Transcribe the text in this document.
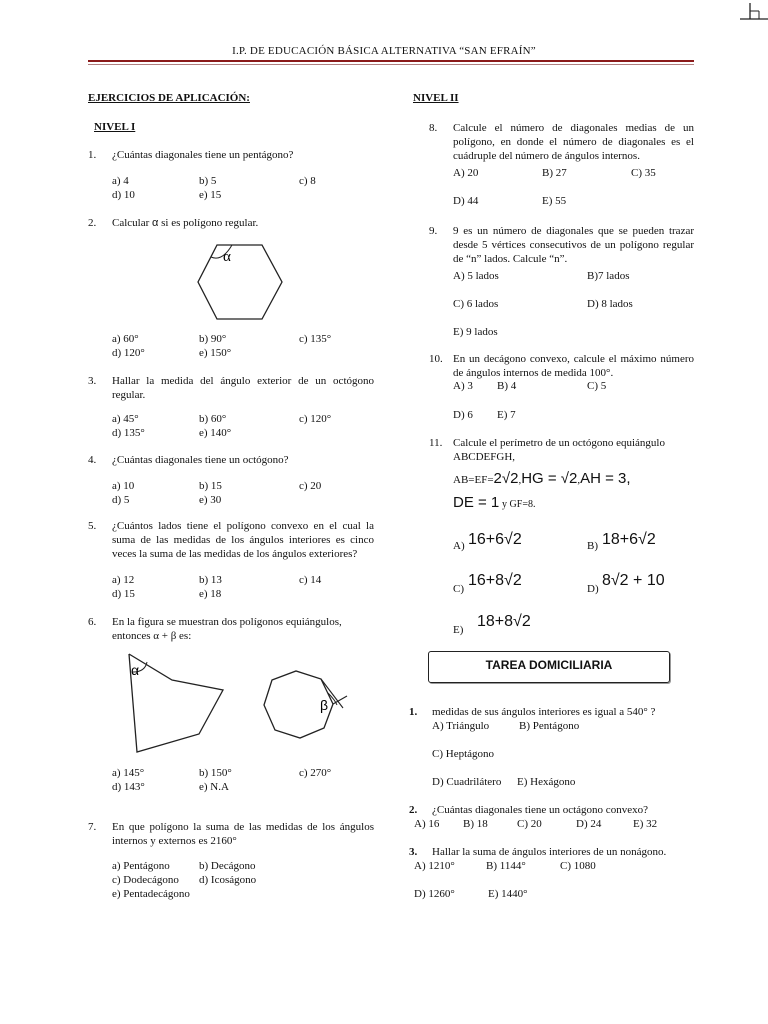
I.P. DE EDUCACIÓN BÁSICA ALTERNATIVA “SAN EFRAÍN”
EJERCICIOS DE APLICACIÓN:
NIVEL I
1. ¿Cuántas diagonales tiene un pentágono?
a) 4	b) 5	c) 8
d) 10	e) 15
2. Calcular α si es polígono regular.
α
a) 60°	b) 90°	c) 135°
d) 120°	e) 150°
3. Hallar la medida del ángulo exterior de un octógono regular.
a) 45°	b) 60°	c) 120°
d) 135°	e) 140°
4. ¿Cuántas diagonales tiene un octógono?
a) 10	b) 15	c) 20
d) 5	e) 30
5. ¿Cuántos lados tiene el polígono convexo en el cual la suma de las medidas de los ángulos interiores es cinco veces la suma de las medidas de los ángulos exteriores?
a) 12	b) 13	c) 14
d) 15	e) 18
6. En la figura se muestran dos polígonos equiángulos,
entonces α + β es:
α
β
a) 145°	b) 150°	c) 270°
d) 143°	e) N.A
7. En que polígono la suma de las medidas de los ángulos internos y externos es 2160°
a) Pentágono	b) Decágono
c) Dodecágono d) Icoságono
e) Pentadecágono
NIVEL II
8. Calcule el número de diagonales medias de un polígono, en donde el número de diagonales es el cuádruple del número de ángulos internos.
A) 20	B) 27	C) 35
D) 44	E) 55
9. 9 es un número de diagonales que se pueden trazar desde 5 vértices consecutivos de un polígono regular de “n” lados. Calcule “n”.
A) 5 lados	B)7 lados
C) 6 lados	D) 8 lados
E) 9 lados
10. En un decágono convexo, calcule el máximo número de ángulos internos de medida 100°.
A) 3 B) 4	C) 5
D) 6 E) 7
11. Calcule el perímetro de un octógono equiángulo
ABCDEFGH,
AB=EF=2√2,HG = √2,AH = 3,
DE = 1 y GF=8.
A) 16+6√2	B) 18+6√2
C) 16+8√2	D) 8√2 + 10
E) 18+8√2
TAREA DOMICILIARIA
1. medidas de sus ángulos interiores es igual a 540° ?
A) Triángulo	B) Pentágono
C) Heptágono
D) Cuadrilátero E) Hexágono
2. ¿Cuántas diagonales tiene un octágono convexo?
A) 16 B) 18	C) 20	D) 24	E) 32
3. Hallar la suma de ángulos interiores de un nonágono.
A) 1210°	B) 1144°	C) 1080
D) 1260°	E) 1440°
